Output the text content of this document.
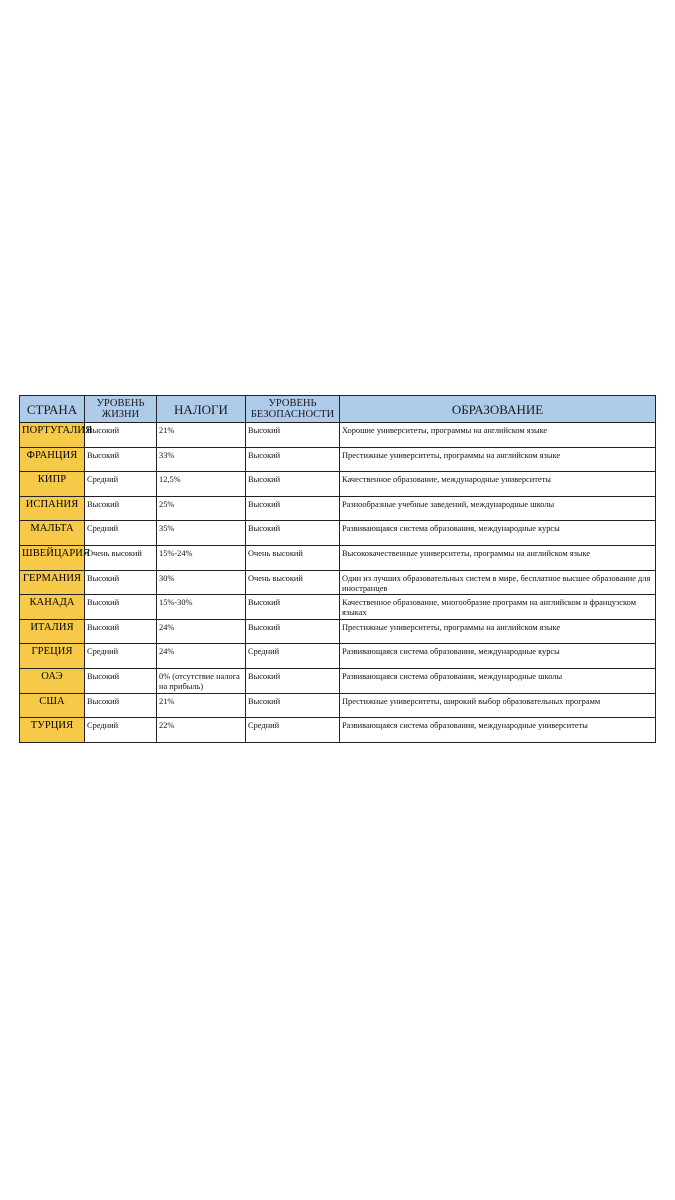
СТРАНА	УРОВЕНЬ ЖИЗНИ	НАЛОГИ	УРОВЕНЬ БЕЗОПАСНОСТИ	ОБРАЗОВАНИЕ
ПОРТУГАЛИЯ	Высокий	21%	Высокий	Хорошие университеты, программы на английском языке
ФРАНЦИЯ	Высокий	33%	Высокий	Престижные университеты, программы на английском языке
КИПР	Средний	12,5%	Высокий	Качественное образование, международные университеты
ИСПАНИЯ	Высокий	25%	Высокий	Разнообразные учебные заведений, международные школы
МАЛЬТА	Средний	35%	Высокий	Развивающаяся система образования, международные курсы
ШВЕЙЦАРИЯ	Очень высокий	15%-24%	Очень высокий	Высококачественные университеты, программы на английском языке
ГЕРМАНИЯ	Высокий	30%	Очень высокий	Один из лучших образовательных систем в мире, бесплатное высшее образование для иностранцев
КАНАДА	Высокий	15%-30%	Высокий	Качественное образование, многообразие программ на английском и французском языках
ИТАЛИЯ	Высокий	24%	Высокий	Престижные университеты, программы на английском языке
ГРЕЦИЯ	Средний	24%	Средний	Развивающаяся система образования, международные курсы
ОАЭ	Высокий	0% (отсутствие налога на прибыль)	Высокий	Развивающаяся система образования, международные школы
США	Высокий	21%	Высокий	Престижные университеты, широкий выбор образовательных программ
ТУРЦИЯ	Средний	22%	Средний	Развивающаяся система образования, международные университеты
